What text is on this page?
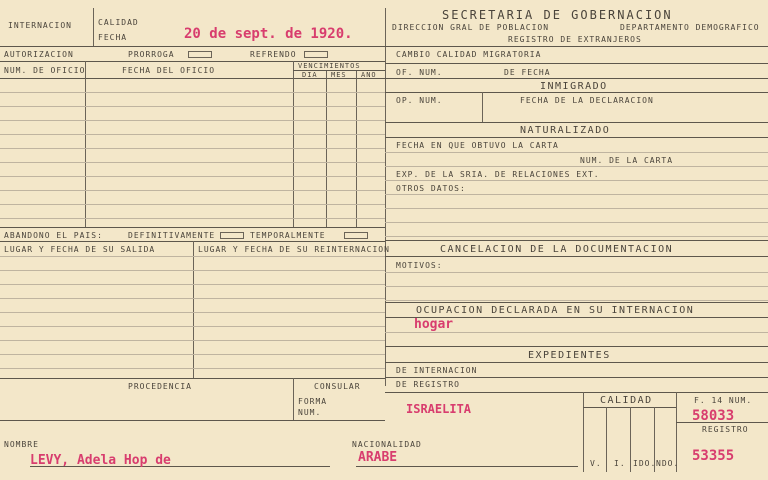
INTERNACION	CALIDAD
FECHA	20 de sept. de 1920.
SECRETARIA DE GOBERNACION
DIRECCION GRAL DE POBLACION	DEPARTAMENTO DEMOGRAFICO
REGISTRO DE EXTRANJEROS
AUTORIZACION	PRORROGA	REFRENDO
NUM. DE OFICIO	FECHA DEL OFICIO	VENCIMIENTOS
DIA MES AÑO
ABANDONO EL PAIS:	DEFINITIVAMENTE	TEMPORALMENTE
LUGAR Y FECHA DE SU SALIDA	LUGAR Y FECHA DE SU REINTERNACION
PROCEDENCIA	CONSULAR
FORMA
NUM.
CAMBIO CALIDAD MIGRATORIA
OF. NUM.	DE FECHA
INMIGRADO
OP. NUM.	FECHA DE LA DECLARACION
NATURALIZADO
FECHA EN QUE OBTUVO LA CARTA
NUM. DE LA CARTA
EXP. DE LA SRIA. DE RELACIONES EXT.
OTROS DATOS:
CANCELACION DE LA DOCUMENTACION
MOTIVOS:
OCUPACION DECLARADA EN SU INTERNACION
hogar
EXPEDIENTES
DE INTERNACION
DE REGISTRO
ISRAELITA
CALIDAD
V. I. IDO. NDO.
F. 14 NUM.
58033
REGISTRO
53355
NOMBRE
LEVY, Adela Hop de
NACIONALIDAD
ARABE
